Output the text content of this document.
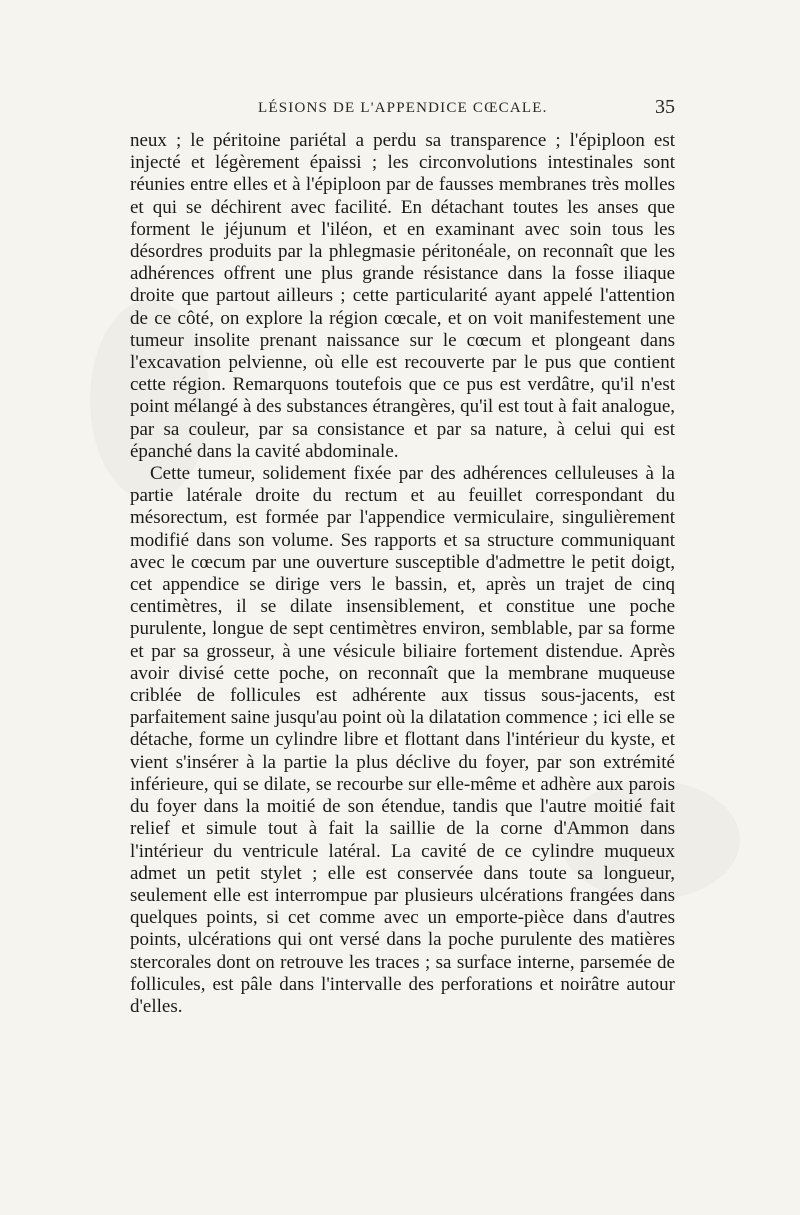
LÉSIONS DE L'APPENDICE CŒCALE.	35

neux ; le péritoine pariétal a perdu sa transparence ; l'épiploon est injecté et légèrement épaissi ; les circonvolutions intestinales sont réunies entre elles et à l'épiploon par de fausses membranes très molles et qui se déchirent avec facilité. En détachant toutes les anses que forment le jéjunum et l'iléon, et en examinant avec soin tous les désordres produits par la phlegmasie péritonéale, on reconnaît que les adhérences offrent une plus grande résistance dans la fosse iliaque droite que partout ailleurs ; cette particularité ayant appelé l'attention de ce côté, on explore la région cœcale, et on voit manifestement une tumeur insolite prenant naissance sur le cœcum et plongeant dans l'excavation pelvienne, où elle est recouverte par le pus que contient cette région. Remarquons toutefois que ce pus est verdâtre, qu'il n'est point mélangé à des substances étrangères, qu'il est tout à fait analogue, par sa couleur, par sa consistance et par sa nature, à celui qui est épanché dans la cavité abdominale.

Cette tumeur, solidement fixée par des adhérences celluleuses à la partie latérale droite du rectum et au feuillet correspondant du mésorectum, est formée par l'appendice vermiculaire, singulièrement modifié dans son volume. Ses rapports et sa structure communiquant avec le cœcum par une ouverture susceptible d'admettre le petit doigt, cet appendice se dirige vers le bassin, et, après un trajet de cinq centimètres, il se dilate insensiblement, et constitue une poche purulente, longue de sept centimètres environ, semblable, par sa forme et par sa grosseur, à une vésicule biliaire fortement distendue. Après avoir divisé cette poche, on reconnaît que la membrane muqueuse criblée de follicules est adhérente aux tissus sous-jacents, est parfaitement saine jusqu'au point où la dilatation commence ; ici elle se détache, forme un cylindre libre et flottant dans l'intérieur du kyste, et vient s'insérer à la partie la plus déclive du foyer, par son extrémité inférieure, qui se dilate, se recourbe sur elle-même et adhère aux parois du foyer dans la moitié de son étendue, tandis que l'autre moitié fait relief et simule tout à fait la saillie de la corne d'Ammon dans l'intérieur du ventricule latéral. La cavité de ce cylindre muqueux admet un petit stylet ; elle est conservée dans toute sa longueur, seulement elle est interrompue par plusieurs ulcérations frangées dans quelques points, si cet comme avec un emporte-pièce dans d'autres points, ulcérations qui ont versé dans la poche purulente des matières stercorales dont on retrouve les traces ; sa surface interne, parsemée de follicules, est pâle dans l'intervalle des perforations et noirâtre autour d'elles.
